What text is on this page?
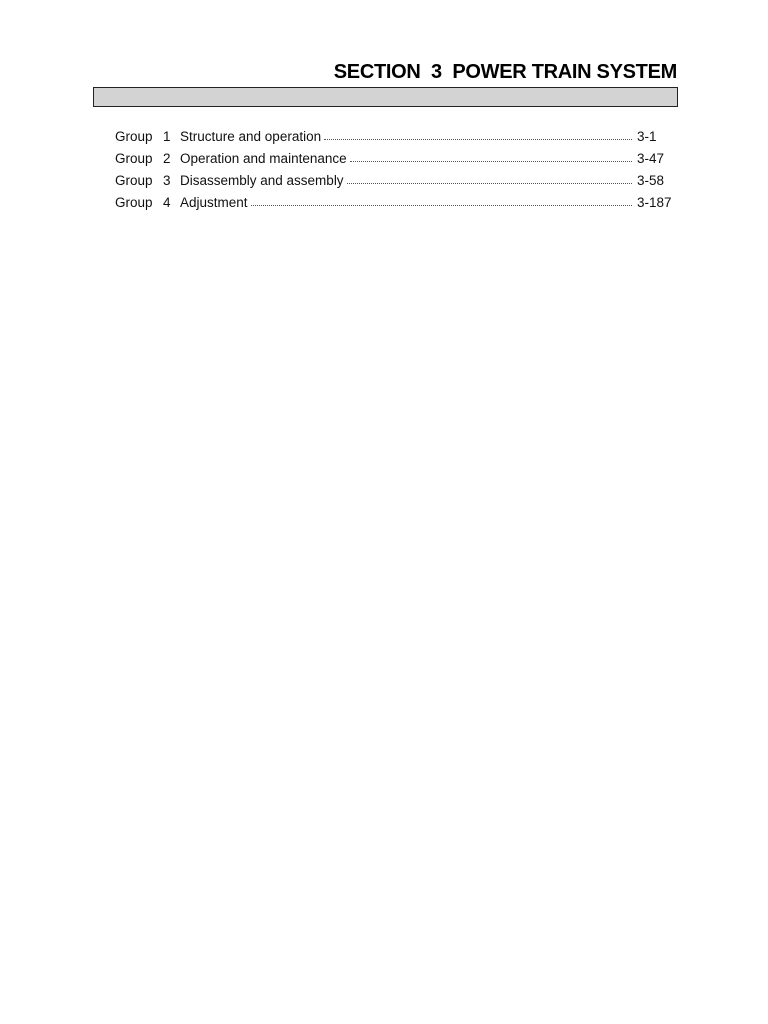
SECTION  3  POWER TRAIN SYSTEM
Group 1 Structure and operation	3-1
Group 2 Operation and maintenance	3-47
Group 3 Disassembly and assembly	3-58
Group 4 Adjustment	3-187
